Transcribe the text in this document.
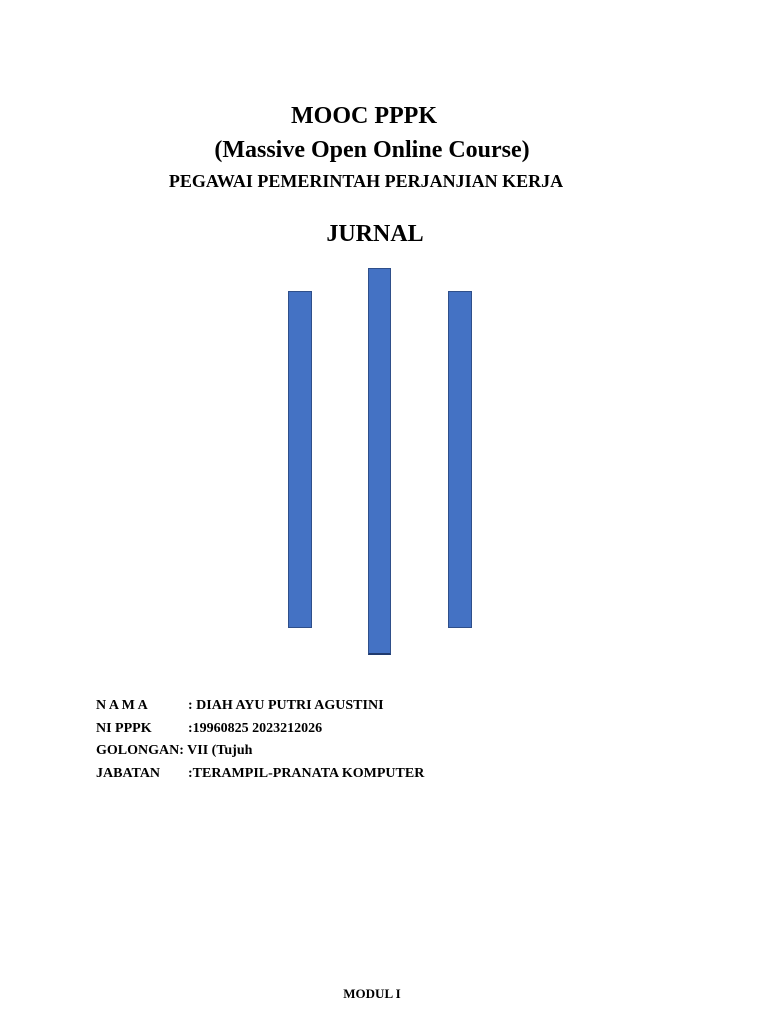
MOOC PPPK
(Massive Open Online Course)
PEGAWAI PEMERINTAH PERJANJIAN KERJA
JURNAL
N A M A	: DIAH AYU PUTRI AGUSTINI
NI PPPK	:19960825 2023212026
GOLONGAN : VII (Tujuh
JABATAN	:TERAMPIL-PRANATA KOMPUTER
MODUL I
